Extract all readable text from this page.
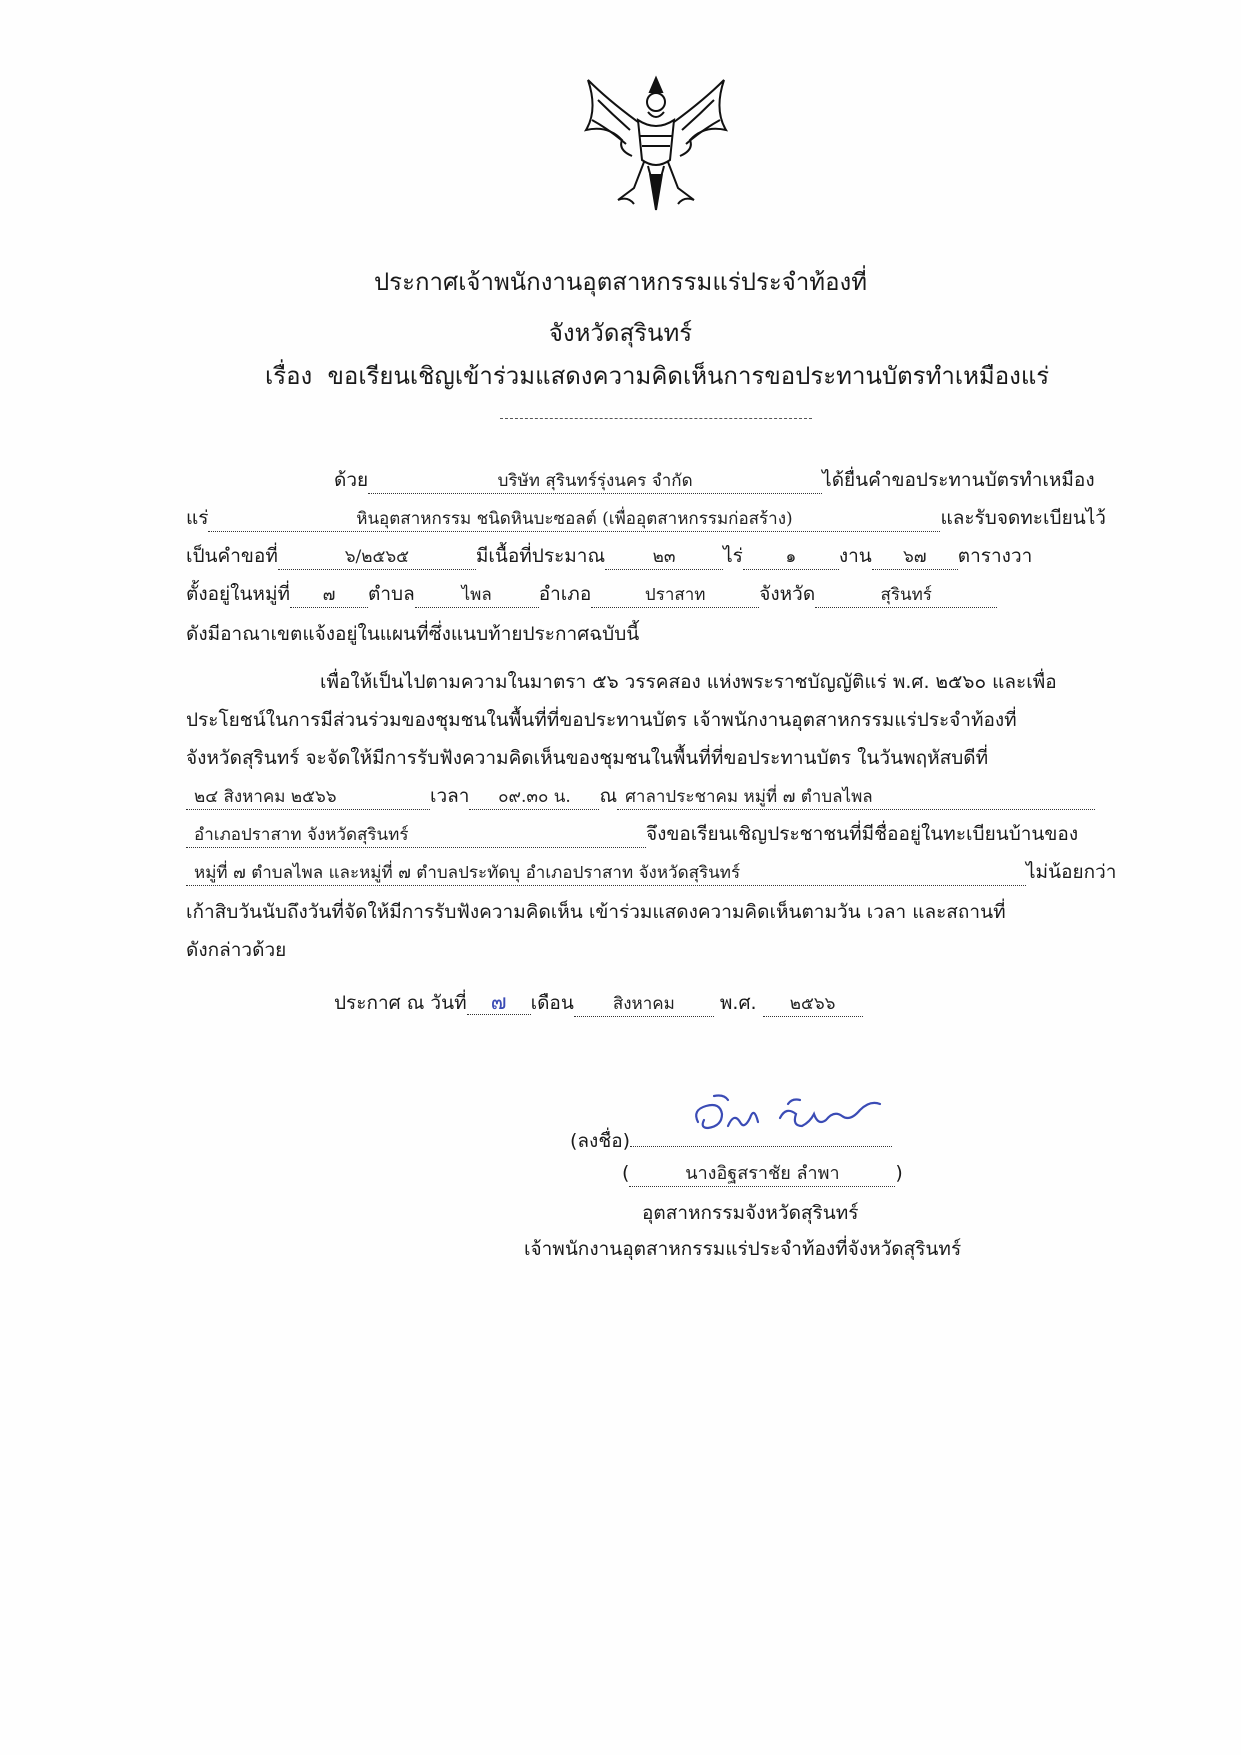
ประกาศเจ้าพนักงานอุตสาหกรรมแร่ประจำท้องที่
จังหวัดสุรินทร์
เรื่อง ขอเรียนเชิญเข้าร่วมแสดงความคิดเห็นการขอประทานบัตรทำเหมืองแร่
ด้วย	บริษัท สุรินทร์รุ่งนคร จำกัด	ได้ยื่นคำขอประทานบัตรทำเหมือง
แร่	หินอุตสาหกรรม ชนิดหินบะซอลต์ (เพื่ออุตสาหกรรมก่อสร้าง)	และรับจดทะเบียนไว้
เป็นคำขอที่	๖/๒๕๖๕	มีเนื้อที่ประมาณ	๒๓	ไร่	๑ งาน ๖๗ ตารางวา
ตั้งอยู่ในหมู่ที่ ๗ ตำบล	ไพล อำเภอ	ปราสาท	จังหวัด	สุรินทร์
ดังมีอาณาเขตแจ้งอยู่ในแผนที่ซึ่งแนบท้ายประกาศฉบับนี้
เพื่อให้เป็นไปตามความในมาตรา ๕๖ วรรคสอง แห่งพระราชบัญญัติแร่ พ.ศ. ๒๕๖๐ และเพื่อ
ประโยชน์ในการมีส่วนร่วมของชุมชนในพื้นที่ที่ขอประทานบัตร เจ้าพนักงานอุตสาหกรรมแร่ประจำท้องที่
จังหวัดสุรินทร์ จะจัดให้มีการรับฟังความคิดเห็นของชุมชนในพื้นที่ที่ขอประทานบัตร ในวันพฤหัสบดีที่
๒๔ สิงหาคม ๒๕๖๖	เวลา ๐๙.๓๐ น. ณ ศาลาประชาคม หมู่ที่ ๗ ตำบลไพล
อำเภอปราสาท จังหวัดสุรินทร์	จึงขอเรียนเชิญประชาชนที่มีชื่ออยู่ในทะเบียนบ้านของ
หมู่ที่ ๗ ตำบลไพล และหมู่ที่ ๗ ตำบลประทัดบุ อำเภอปราสาท จังหวัดสุรินทร์	ไม่น้อยกว่า
เก้าสิบวันนับถึงวันที่จัดให้มีการรับฟังความคิดเห็น เข้าร่วมแสดงความคิดเห็นตามวัน เวลา และสถานที่
ดังกล่าวด้วย
ประกาศ ณ วันที่ ๗ เดือน สิงหาคม พ.ศ. ๒๕๖๖
(ลงชื่อ)
(	นางอิฐสราชัย ลำพา	)
อุตสาหกรรมจังหวัดสุรินทร์
เจ้าพนักงานอุตสาหกรรมแร่ประจำท้องที่จังหวัดสุรินทร์
